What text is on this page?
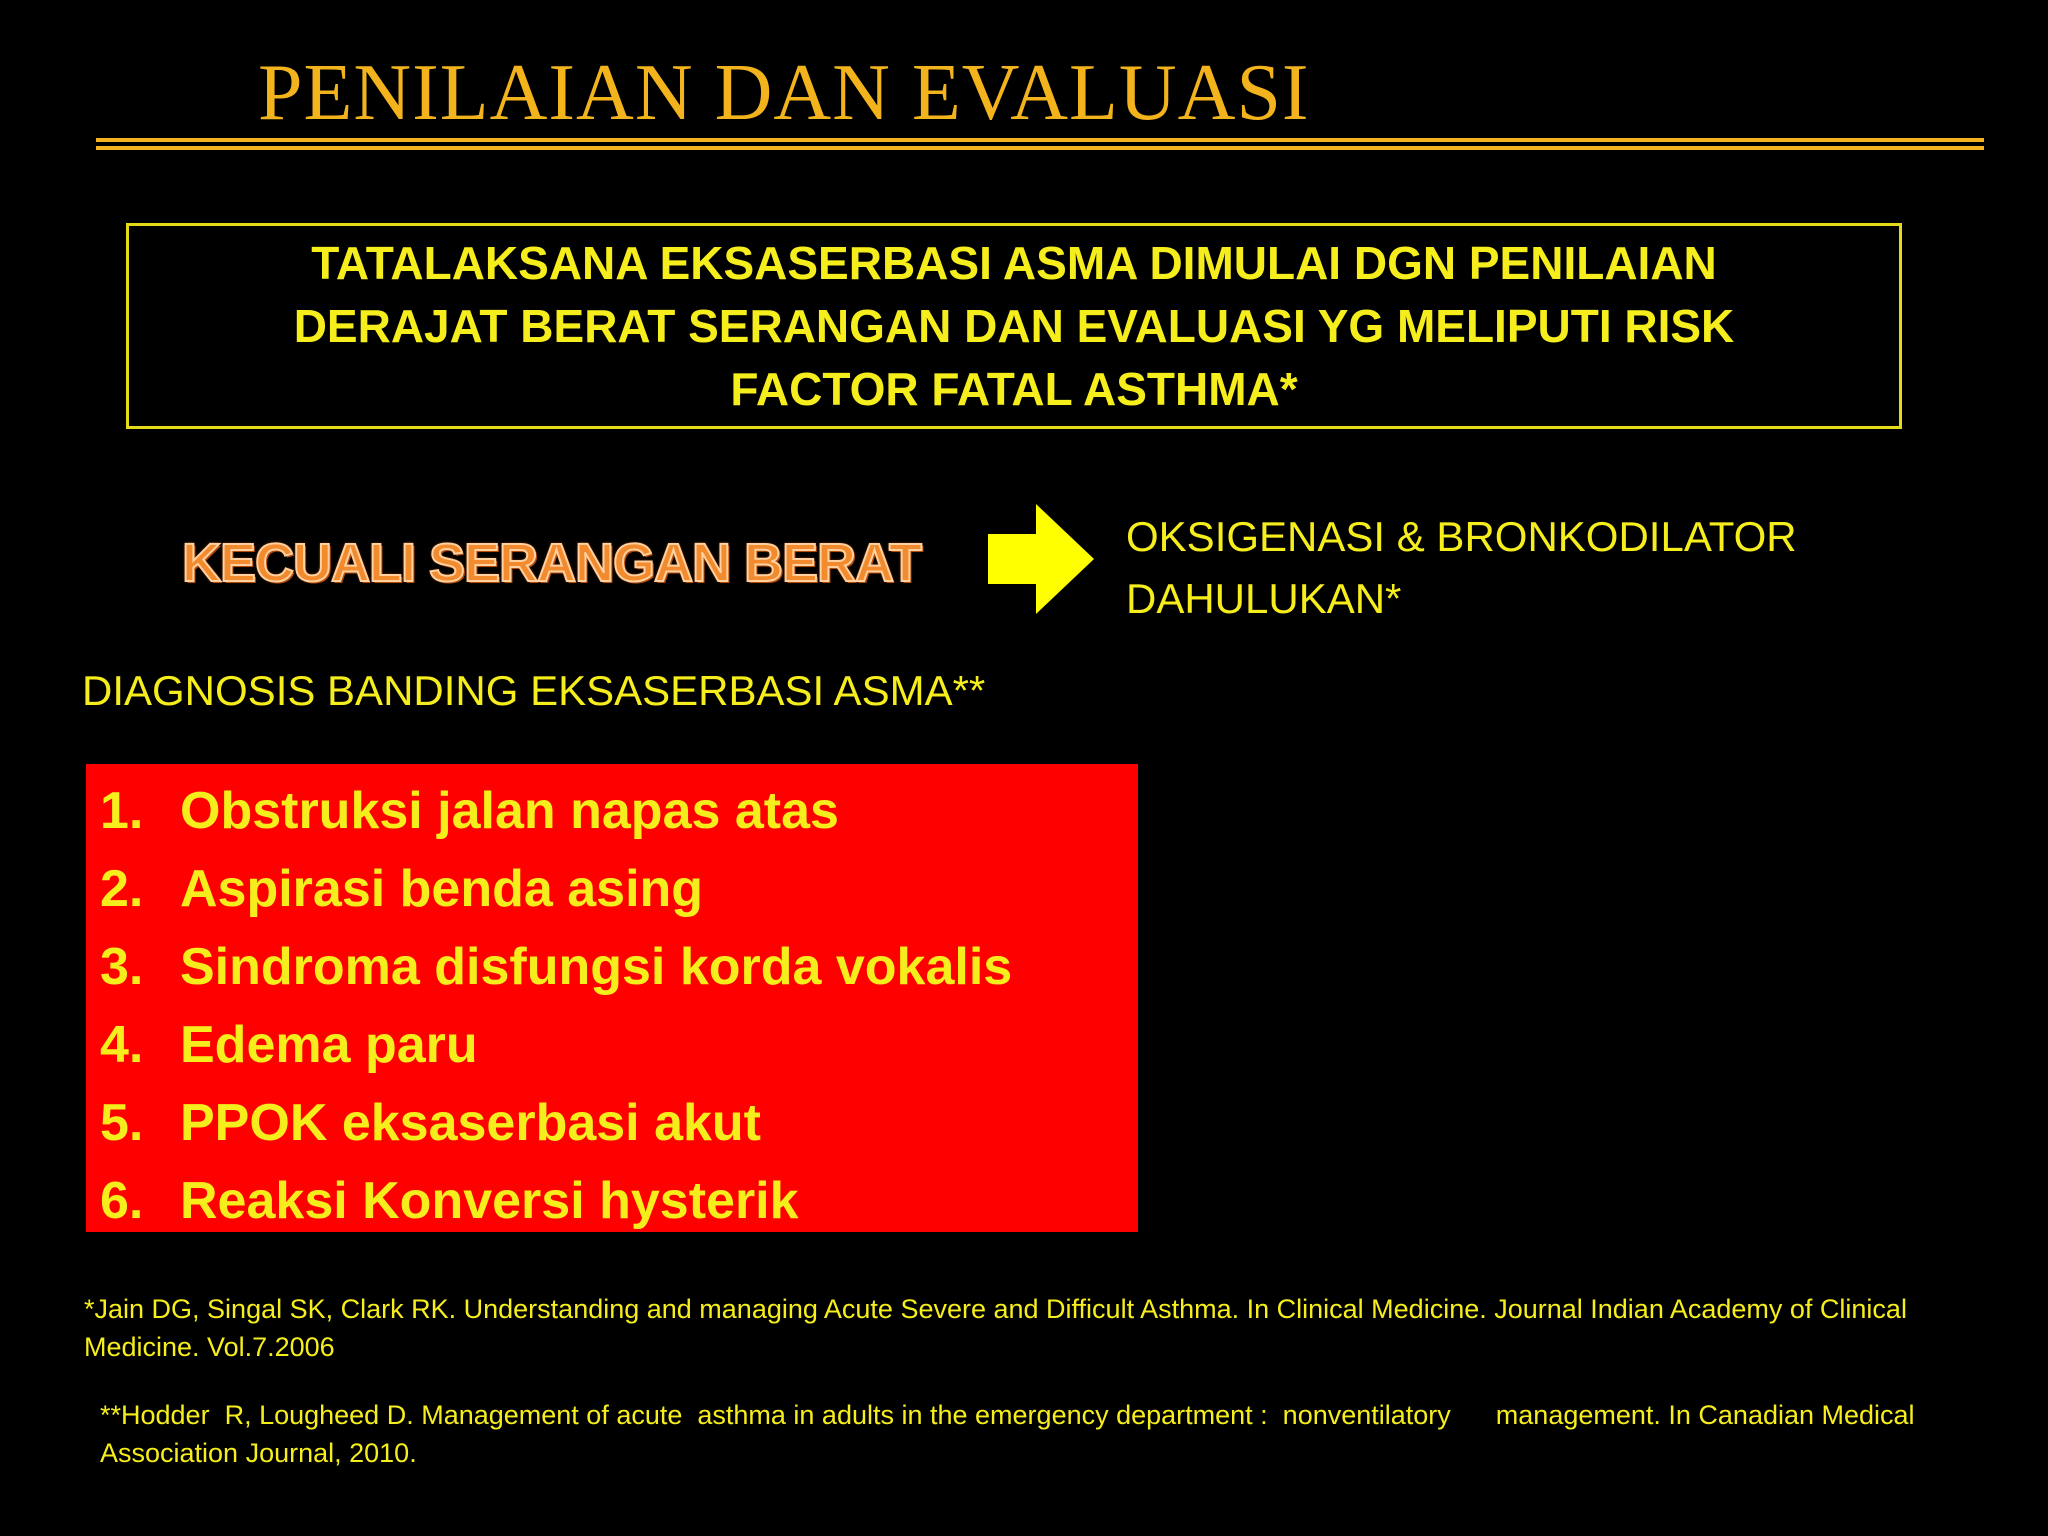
PENILAIAN DAN EVALUASI
TATALAKSANA EKSASERBASI ASMA DIMULAI DGN PENILAIAN
DERAJAT BERAT SERANGAN DAN EVALUASI YG MELIPUTI RISK
FACTOR FATAL ASTHMA*
KECUALI SERANGAN BERAT	OKSIGENASI & BRONKODILATOR
DAHULUKAN*
DIAGNOSIS BANDING EKSASERBASI ASMA**
1. Obstruksi jalan napas atas
2. Aspirasi benda asing
3. Sindroma disfungsi korda vokalis
4. Edema paru
5. PPOK eksaserbasi akut
6. Reaksi Konversi hysterik
*Jain DG, Singal SK, Clark RK. Understanding and managing Acute Severe and Difficult Asthma. In Clinical Medicine. Journal Indian Academy of Clinical Medicine. Vol.7.2006
**Hodder  R, Lougheed D. Management of acute  asthma in adults in the emergency department :  nonventilatory      management. In Canadian Medical Association Journal, 2010.
